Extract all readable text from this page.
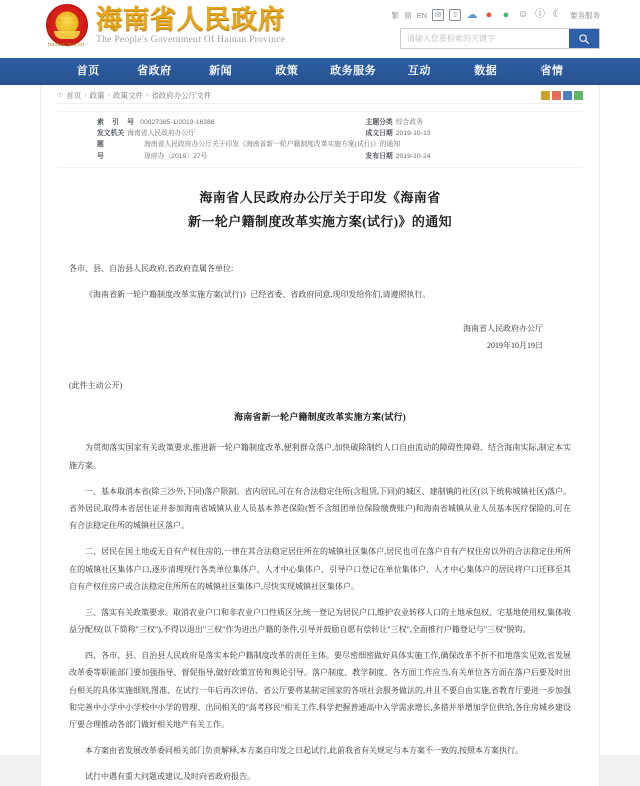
海南省人民政府
The People's Government Of Hainan Province
hainan.gov.cn
繁 簡 EN	✉	▯ ☁ ● ● ☺ ⓘ ☾ 要务服务
请输入您要检索的关键字
首页	省政府	新闻	政策	政务服务	互动	数据	省情
☉ 首页 › 政策 › 政策文件 › 省政府办公厅文件
索 引 号 00827385-1/2019-16388	主题分类 综合政务
发文机关 海南省人民政府办公厅	成文日期 2019-10-13
题	海南省人民政府办公厅关于印发《海南省新一轮户籍制度改革实施方案(试行)》的通知
号	琼府办〔2019〕27号	发布日期 2019-10-24
海南省人民政府办公厅关于印发《海南省
新一轮户籍制度改革实施方案(试行)》的通知

各市、县、自治县人民政府,省政府直属各单位:

《海南省新一轮户籍制度改革实施方案(试行)》已经省委、省政府同意,现印发给你们,请遵照执行。

海南省人民政府办公厅
2019年10月19日
(此件主动公开)
海南省新一轮户籍制度改革实施方案(试行)

为贯彻落实国家有关政策要求,推进新一轮户籍制度改革,便利群众落户,加快破除制约人口自由流动的障碍性障碍、结合海南实际,制定本实施方案。

一、基本取消本省(除三沙外,下同)落户限制。省内居民,可在有合法稳定住所(含租赁,下同)的城区、建制镇的社区(以下统称城镇社区)落户。省外居民,取得本省居住证并参加海南省城镇从业人员基本养老保险(暂不含组团单位保险缴费账户)和海南省城镇从业人员基本医疗保险的,可在有合法稳定住所的城镇社区落户。

二、居民在国土地或无自有产权住房的,一律在其合法稳定居住所在的城镇社区集体户,居民也可在落户自有产权住房以外的合法稳定住所所在的城镇社区集体户口,逐步清理现行各类单位集体户、人才中心集体户、引导户口登记在单位集体户、人才中心集体户的居民将户口迁移至其自有产权住房户或合法稳定住所所在的城镇社区集体户,尽快实现城镇社区集体户。

三、落实有关政策要求。取消农业户口和非农业户口性质区分,统一登记为居民户口,维护农业转移人口的土地承包权、宅基地使用权,集体收益分配权(以下简称"三权"),不得以退出"三权"作为进出户籍的条件,引导并鼓励自愿有偿转让"三权",全面推行户籍登记与"三权"脱钩。

四、各市、县、自治县人民政府是落实本轮户籍制度改革的责任主体。要尽密细密做好具体实施工作,确保改革不折不扣地落实见效,省发展改革委等职能部门要加强指导、督促指导,做好政策宣传和舆论引导。落户制度、教学制度、各方面工作应当,有关单位各方面在落户后要及时出台相关的具体实施细则,图准、在试行一年后再次评估、省公厅要将某制定国家的各项社会服务做法的,并且不要自由实施,省教育厅要进一步加强和完善中小学中小学校中小学的管理、出同相关的"高考移民"相关工作,科学把握普通高中入学需求增长,多措并举增加学位供给,各住房城乡建设厅要合理推动各部门做好相关地产有关工作。

本方案由省发展改革委同相关部门负责解释,本方案自印发之日起试行,此前我省有关规定与本方案不一致的,按照本方案执行。

试行中遇有重大问题或建议,及时向省政府报告。
